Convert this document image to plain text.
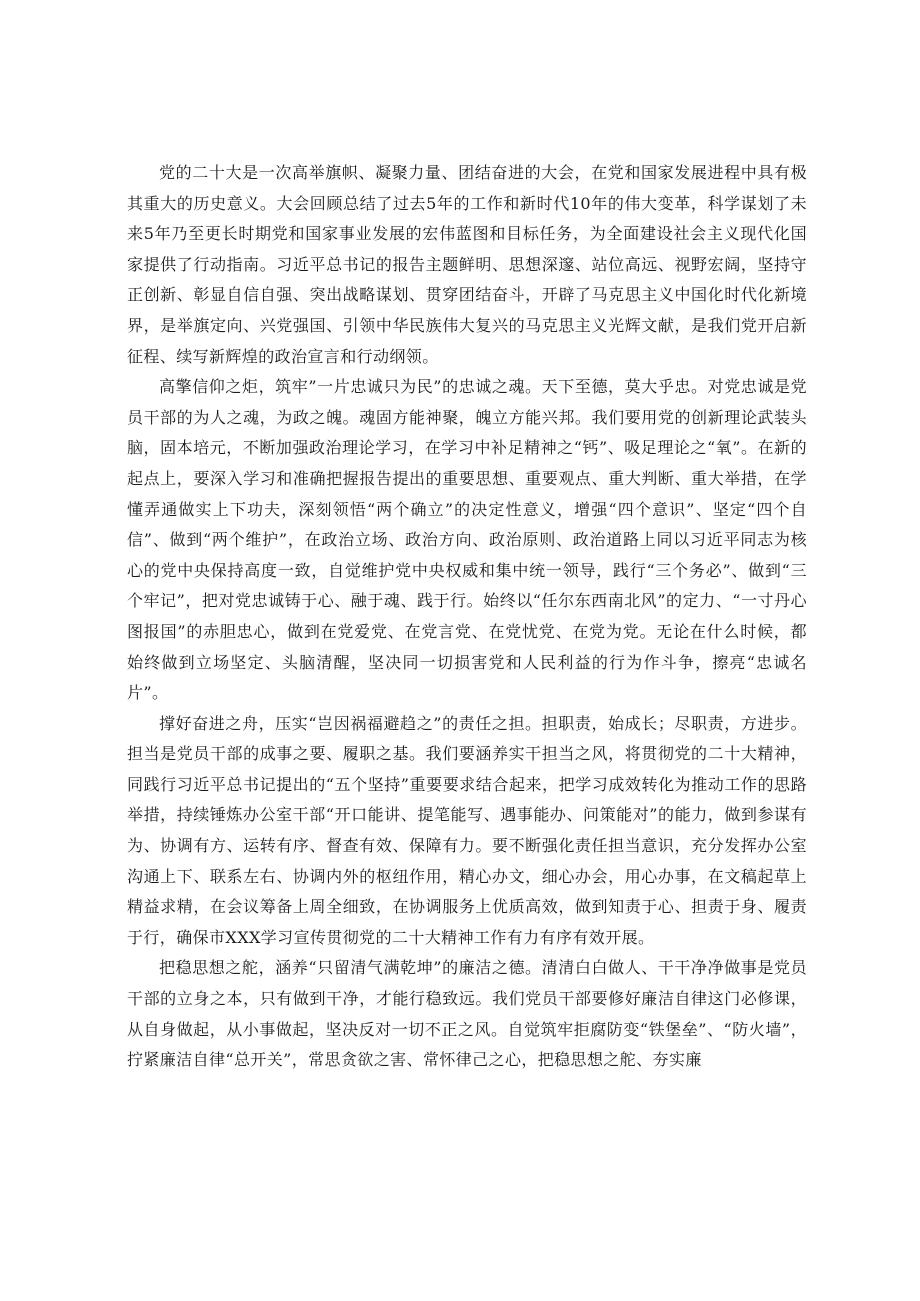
党的二十大是一次高举旗帜、凝聚力量、团结奋进的大会，在党和国家发展进程中具有极其重大的历史意义。大会回顾总结了过去5年的工作和新时代10年的伟大变革，科学谋划了未来5年乃至更长时期党和国家事业发展的宏伟蓝图和目标任务，为全面建设社会主义现代化国家提供了行动指南。习近平总书记的报告主题鲜明、思想深邃、站位高远、视野宏阔，坚持守正创新、彰显自信自强、突出战略谋划、贯穿团结奋斗，开辟了马克思主义中国化时代化新境界，是举旗定向、兴党强国、引领中华民族伟大复兴的马克思主义光辉文献，是我们党开启新征程、续写新辉煌的政治宣言和行动纲领。

高擎信仰之炬，筑牢”一片忠诚只为民”的忠诚之魂。天下至德，莫大乎忠。对党忠诚是党员干部的为人之魂，为政之魄。魂固方能神聚，魄立方能兴邦。我们要用党的创新理论武装头脑，固本培元，不断加强政治理论学习，在学习中补足精神之“钙”、吸足理论之“氧”。在新的起点上，要深入学习和准确把握报告提出的重要思想、重要观点、重大判断、重大举措，在学懂弄通做实上下功夫，深刻领悟“两个确立”的决定性意义，增强“四个意识”、坚定“四个自信”、做到“两个维护”，在政治立场、政治方向、政治原则、政治道路上同以习近平同志为核心的党中央保持高度一致，自觉维护党中央权威和集中统一领导，践行“三个务必”、做到“三个牢记”，把对党忠诚铸于心、融于魂、践于行。始终以“任尔东西南北风”的定力、“一寸丹心图报国”的赤胆忠心，做到在党爱党、在党言党、在党忧党、在党为党。无论在什么时候，都始终做到立场坚定、头脑清醒，坚决同一切损害党和人民利益的行为作斗争，擦亮“忠诚名片”。

撑好奋进之舟，压实“岂因祸福避趋之”的责任之担。担职责，始成长；尽职责，方进步。担当是党员干部的成事之要、履职之基。我们要涵养实干担当之风，将贯彻党的二十大精神，同践行习近平总书记提出的“五个坚持”重要要求结合起来，把学习成效转化为推动工作的思路举措，持续锤炼办公室干部“开口能讲、提笔能写、遇事能办、问策能对”的能力，做到参谋有为、协调有方、运转有序、督查有效、保障有力。要不断强化责任担当意识，充分发挥办公室沟通上下、联系左右、协调内外的枢纽作用，精心办文，细心办会，用心办事，在文稿起草上精益求精，在会议筹备上周全细致，在协调服务上优质高效，做到知责于心、担责于身、履责于行，确保市XXX学习宣传贯彻党的二十大精神工作有力有序有效开展。

把稳思想之舵，涵养“只留清气满乾坤”的廉洁之德。清清白白做人、干干净净做事是党员干部的立身之本，只有做到干净，才能行稳致远。我们党员干部要修好廉洁自律这门必修课，从自身做起，从小事做起，坚决反对一切不正之风。自觉筑牢拒腐防变“铁堡垒”、“防火墙”，拧紧廉洁自律“总开关”，常思贪欲之害、常怀律己之心，把稳思想之舵、夯实廉
